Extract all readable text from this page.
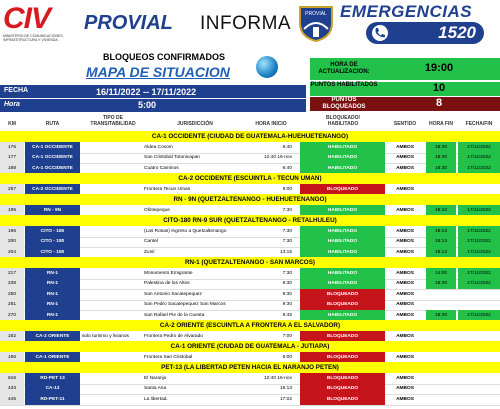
CIV
MINISTERIO DE COMUNICACIONES, INFRAESTRUCTURA Y VIVIENDA
PROVIAL INFORMA	PROVIAL EMERGENCIAS
1520
BLOQUEOS CONFIRMADOS
MAPA DE SITUACION	HORA DE ACTUALIZACION:	19:00
PUNTOS HABILITADOS	10
PUNTOS BLOQUEADOS	8
FECHA	16/11/2022 -- 17/11/2022
Hora	5:00
KM	RUTA
TIPO DE TRANSITABILIDAD	JURISDICCIÓN	HORA INICIO
BLOQUEADO/ HABILITADO	SENTIDO	HORA FIN	FECHA/FIN
CA-1 OCCIDENTE (CIUDAD DE GUATEMALA-HUEHUETENANGO)
176	CA-1 OCCIDENTE	Aldea Coxom	6:40	HABILITADO	AMBOS	18:30	17/11/2022
177	CA-1 OCCIDENTE	San Cristobal Totonicapan	12:40 16-nov	HABILITADO	AMBOS	18:30	17/11/2022
188	CA-1 OCCIDENTE	Cuatro Caminos	6:40	HABILITADO	AMBOS	18:30	17/11/2022
CA-2 OCCIDENTE (ESCUINTLA - TECUN UMAN)
257	CA-2 OCCIDENTE	Frontera Tecun Uman	9:00	BLOQUEADO	AMBOS
RN - 9N (QUETZALTENANGO - HUEHUETENANGO)
195	RN - 9N	Olintepeque	7:30	HABILITADO	AMBOS	18:10	17/11/2022
CITO-180 RN-9 SUR (QUETZALTENANGO - RETALHULEU)
196	CITO - 180	(Las Rosas) Ingreso a Quetzaltenango	7:30	HABILITADO	AMBOS	18:13	17/11/2022
200	CITO - 180	Cantel	7:30	HABILITADO	AMBOS	18:13	17/11/2022
204	CITO - 180	Zunil	13:15	HABILITADO	AMBOS	18:13	17/11/2022
RN-1 (QUETZALTENANGO - SAN MARCOS)
217	RN-1	Monumento Emigrante	7:30	HABILITADO	AMBOS	14:00	17/11/2022
238	RN-1	Palestina de los Altos	9:30	HABILITADO	AMBOS	18:30	17/11/2022
250	RN-1	San Antonio Sacatepequez	9:30	BLOQUEADO	AMBOS
261	RN-1	San Pedro Sacatepequez San Marcos	9:30	BLOQUEADO	AMBOS
270	RN-1	San Rafael Pie de la Cuesta	8:45	HABILITADO	AMBOS	18:30	17/11/2022
CA-2 ORIENTE (ESCUINTLA A FRONTERA A EL SALVADOR)
162	CA-2 ORIENTE	solo turismo y livianos	Frontera Pedro de Alvarado	7:00	BLOQUEADO	AMBOS
CA-1 ORIENTE (CIUDAD DE GUATEMALA - JUTIAPA)
166	CA-1 ORIENTE	Frontera San Cristobal	6:00	BLOQUEADO	AMBOS
PET-13 (LA LIBERTAD PETEN HACIA EL NARANJO PETEN)
616	RD-PET 13	El Naranjo	12:40 16-nov	BLOQUEADO	AMBOS
433	CA-13	Santa Ana	16:13	BLOQUEADO	AMBOS
445	RD-PET-11	La libertad.	17:02	BLOQUEADO	AMBOS
